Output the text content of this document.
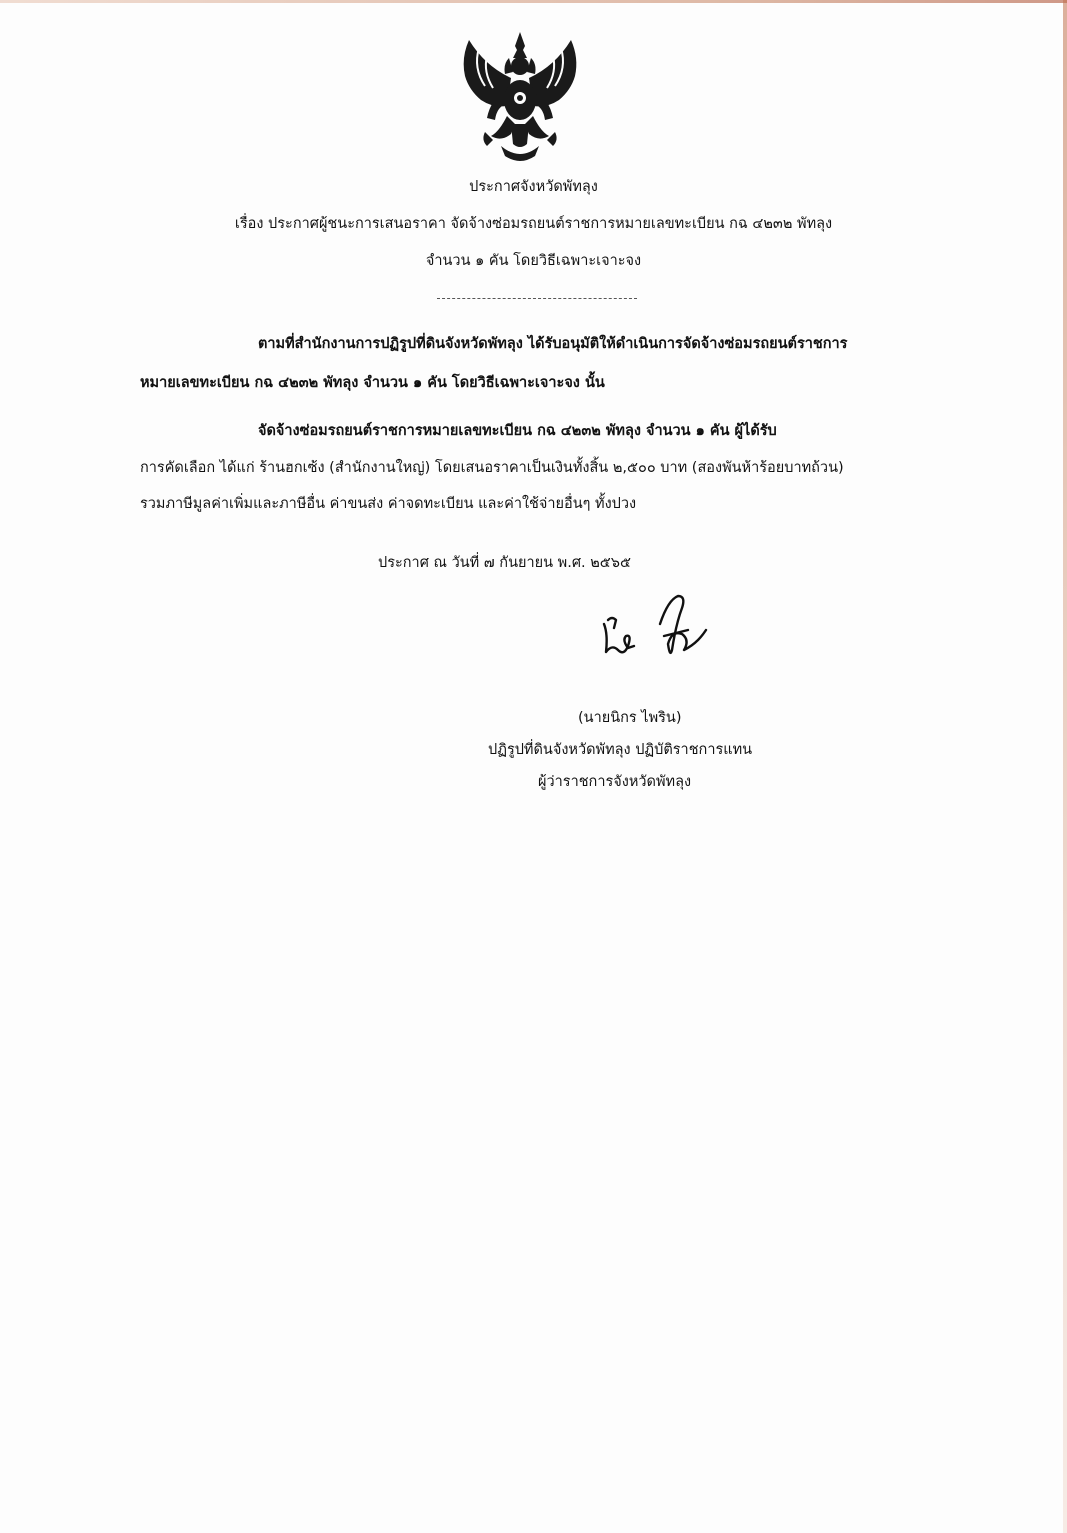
ประกาศจังหวัดพัทลุง
เรื่อง ประกาศผู้ชนะการเสนอราคา จัดจ้างซ่อมรถยนต์ราชการหมายเลขทะเบียน กฉ ๔๒๓๒ พัทลุง
จำนวน ๑ คัน โดยวิธีเฉพาะเจาะจง
ตามที่สำนักงานการปฏิรูปที่ดินจังหวัดพัทลุง ได้รับอนุมัติให้ดำเนินการจัดจ้างซ่อมรถยนต์ราชการ
หมายเลขทะเบียน กฉ ๔๒๓๒ พัทลุง จำนวน ๑ คัน โดยวิธีเฉพาะเจาะจง นั้น
จัดจ้างซ่อมรถยนต์ราชการหมายเลขทะเบียน กฉ ๔๒๓๒ พัทลุง จำนวน ๑ คัน ผู้ได้รับ
การคัดเลือก ได้แก่ ร้านฮกเซ้ง (สำนักงานใหญ่) โดยเสนอราคาเป็นเงินทั้งสิ้น ๒,๕๐๐ บาท (สองพันห้าร้อยบาทถ้วน)
รวมภาษีมูลค่าเพิ่มและภาษีอื่น ค่าขนส่ง ค่าจดทะเบียน และค่าใช้จ่ายอื่นๆ ทั้งปวง
ประกาศ ณ วันที่ ๗ กันยายน พ.ศ. ๒๕๖๕
(นายนิกร ไพริน)
ปฏิรูปที่ดินจังหวัดพัทลุง ปฏิบัติราชการแทน
ผู้ว่าราชการจังหวัดพัทลุง
